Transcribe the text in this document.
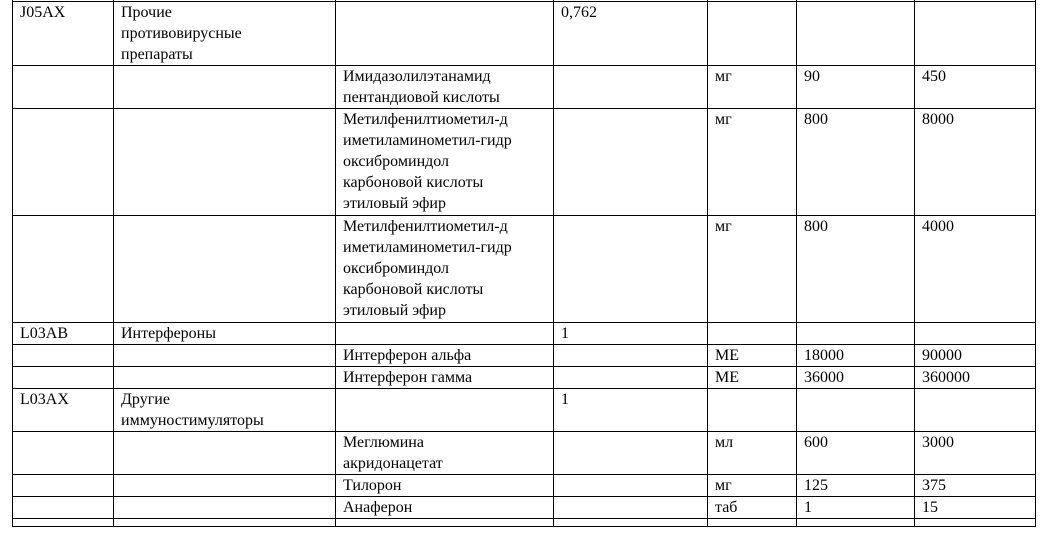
J05AX	Прочие
противовирусные
препараты		0,762			

		Имидазолилэтанамид
пентандиовой кислоты		мг	90	450

		Метилфенилтиометил-д
иметиламинометил-гидр
оксиброминдол
карбоновой кислоты
этиловый эфир		мг	800	8000

		Метилфенилтиометил-д
иметиламинометил-гидр
оксиброминдол
карбоновой кислоты
этиловый эфир		мг	800	4000

L03AB	Интерфероны		1			

		Интерферон альфа		МЕ	18000	90000

		Интерферон гамма		МЕ	36000	360000

L03AX	Другие
иммуностимуляторы		1			

		Меглюмина
акридонацетат		мл	600	3000

		Тилорон		мг	125	375

		Анаферон		таб	1	15
